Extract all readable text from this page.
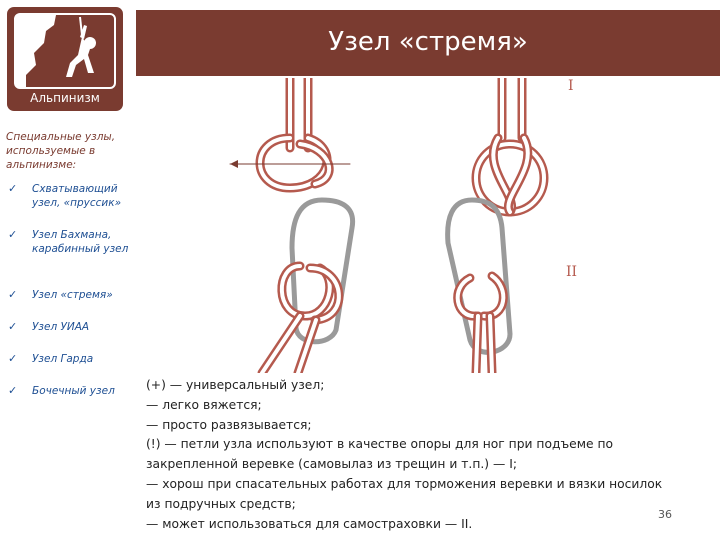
Альпинизм
Узел «стремя»
Специальные узлы, используемые в альпинизме:
✓ Схватывающий узел, «пруссик»
✓ Узел Бахмана, карабинный узел
✓ Узел «стремя»
✓ Узел УИАА
✓ Узел Гарда
✓ Бочечный узел
I
II
(+) — универсальный узел;
— легко вяжется;
— просто развязывается;
(!) — петли узла используют в качестве опоры для ног при подъеме по
закрепленной веревке (самовылаз из трещин и т.п.) — I;
— хорош при спасательных работах для торможения веревки и вязки носилок
из подручных средств;
— может использоваться для самостраховки — II.
36
